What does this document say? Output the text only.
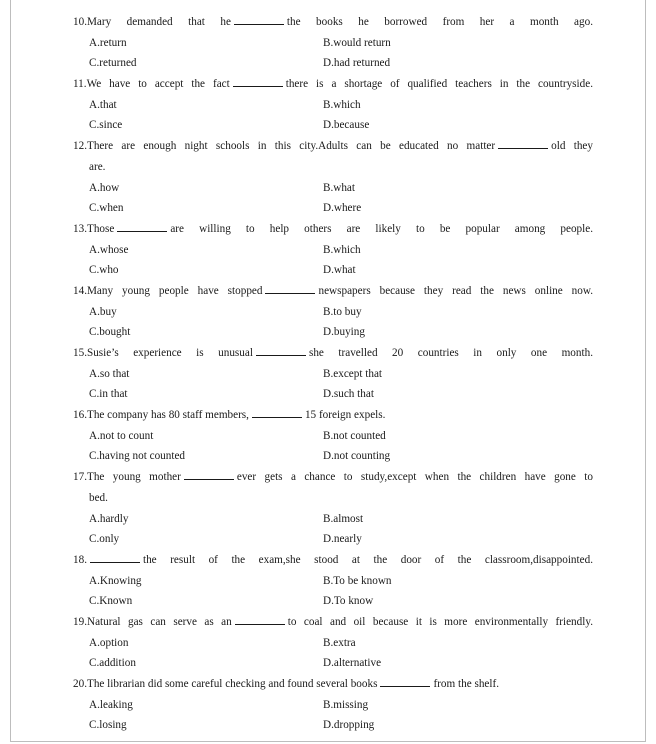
10.Mary demanded that he	the books he borrowed from her a month ago.
A.return	B.would return
C.returned	D.had returned
11.We have to accept the fact	there is a shortage of qualified teachers in the countryside.
A.that	B.which
C.since	D.because
12.There are enough night schools in this city.Adults can be educated no matter	old they
are.
A.how	B.what
C.when	D.where
13.Those	are willing to help others are likely to be popular among people.
A.whose	B.which
C.who	D.what
14.Many young people have stopped	newspapers because they read the news online now.
A.buy	B.to buy
C.bought	D.buying
15.Susie’s experience is unusual	she travelled 20 countries in only one month.
A.so that	B.except that
C.in that	D.such that
16.The company has 80 staff members,	15 foreign expels.
A.not to count	B.not counted
C.having not counted	D.not counting
17.The young mother	ever gets a chance to study,except when the children have gone to
bed.
A.hardly	B.almost
C.only	D.nearly
18.	the result of the exam,she stood at the door of the classroom,disappointed.
A.Knowing	B.To be known
C.Known	D.To know
19.Natural gas can serve as an	to coal and oil because it is more environmentally friendly.
A.option	B.extra
C.addition	D.alternative
20.The librarian did some careful checking and found several books	from the shelf.
A.leaking	B.missing
C.losing	D.dropping
